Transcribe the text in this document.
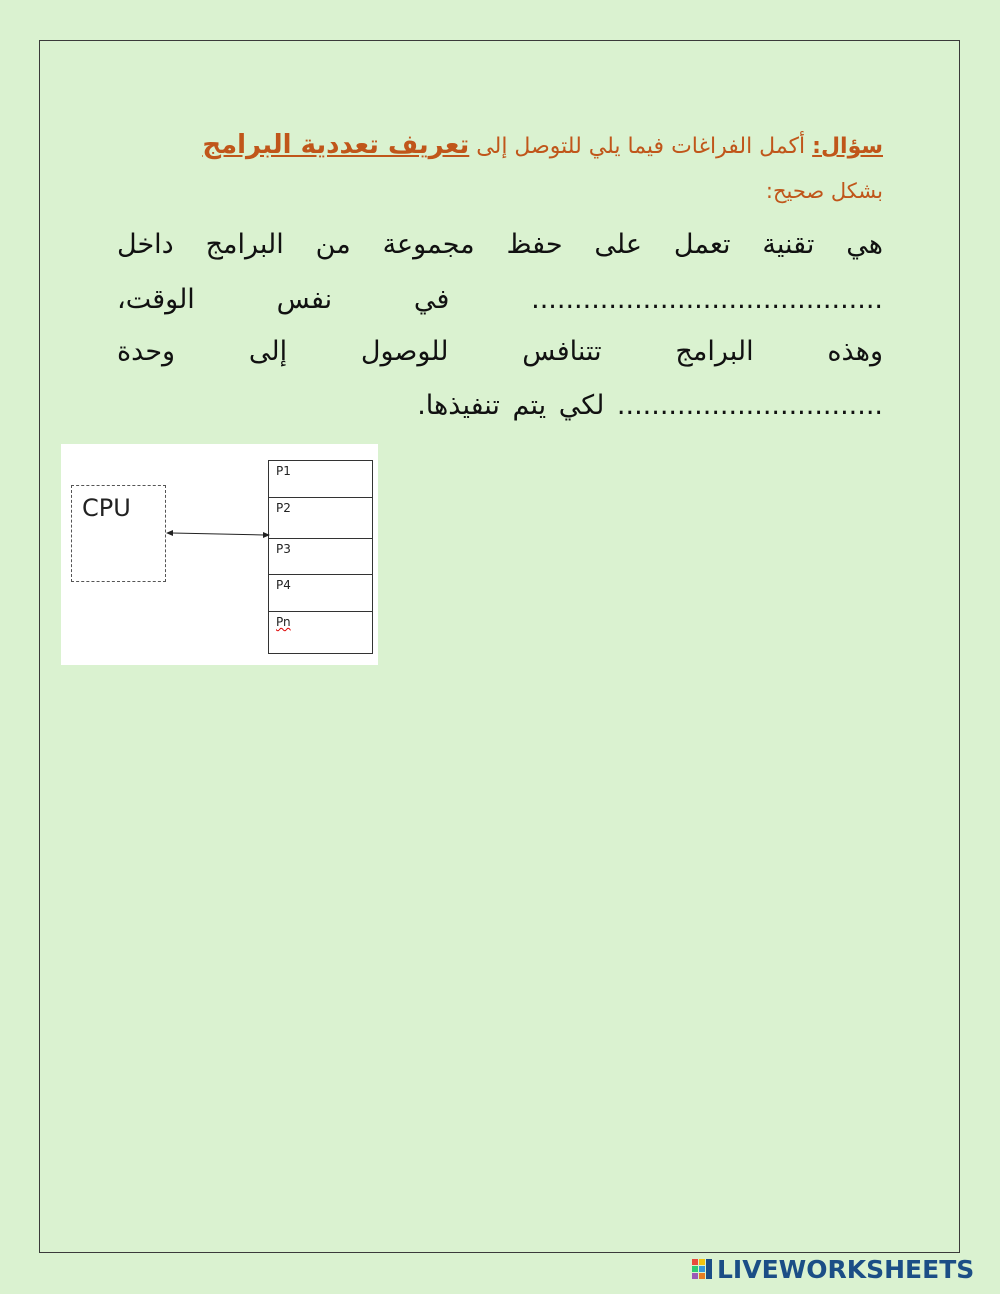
سؤال: أكمل الفراغات فيما يلي للتوصل إلى تعريف تعددية البرامج
بشكل صحيح:
هي تقنية تعمل على حفظ مجموعة من البرامج داخل
......................................... في نفس الوقت،
وهذه البرامج تتنافس للوصول إلى وحدة
............................... لكي يتم تنفيذها.
CPU
P1
P2
P3
P4
Pn
LIVEWORKSHEETS
